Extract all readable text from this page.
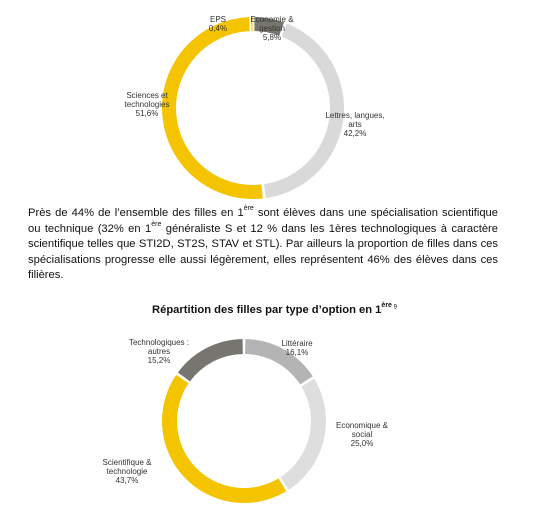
Economie & gestion 5,8%
Lettres, langues, arts 42,2%
Sciences et technologies 51,6%
EPS 0,4%
Littéraire 16,1%
Economique & social 25,0%
Scientifique & technologie 43,7%
Technologiques : autres 15,2%

Près de 44% de l’ensemble des filles en 1ère sont élèves dans une spécialisation scientifique ou technique (32% en 1ère généraliste S et 12 % dans les 1ères technologiques à caractère scientifique telles que STI2D, ST2S, STAV et STL). Par ailleurs la proportion de filles dans ces spécialisations progresse elle aussi légèrement, elles représentent 46% des élèves dans ces filières.

Répartition des filles par type d’option en 1ère $^9$
